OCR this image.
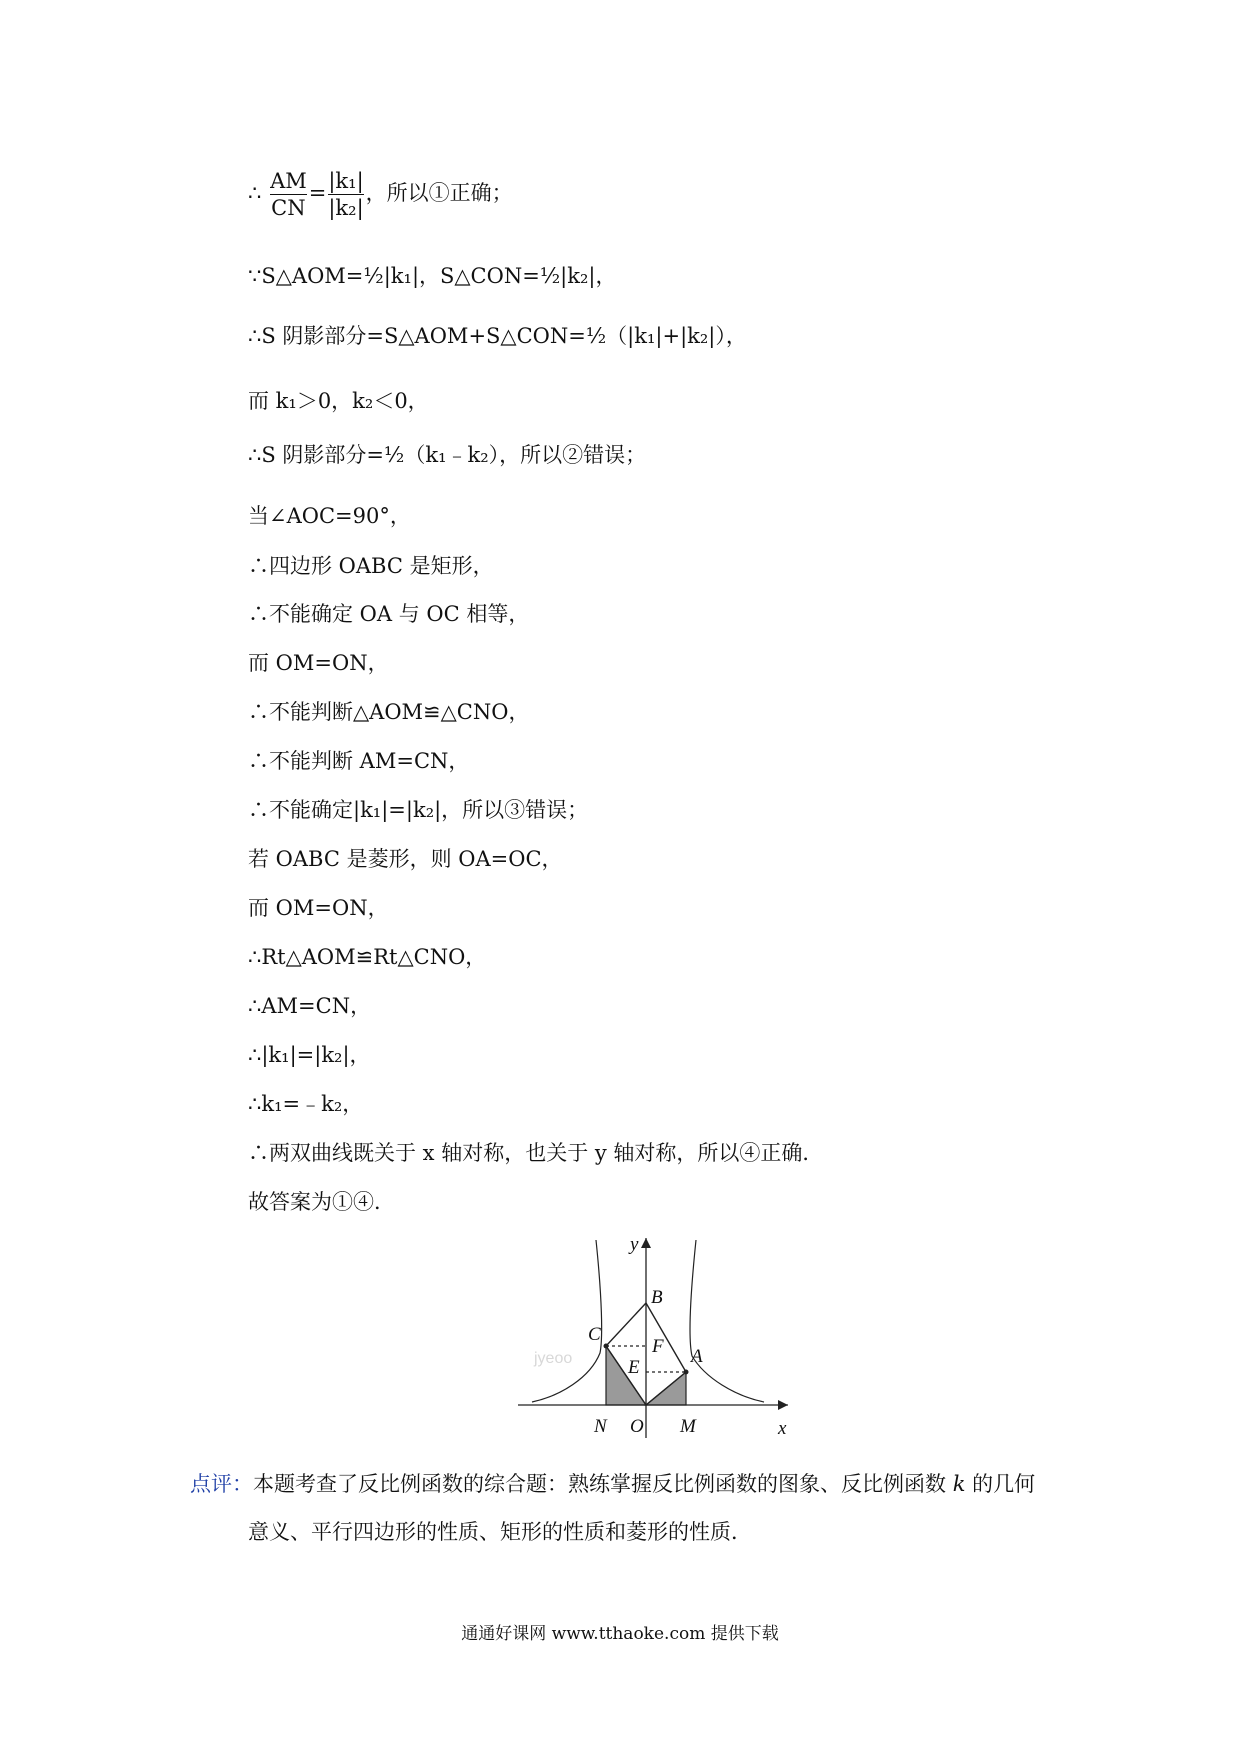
∴ $\frac{AM}{CN} = \frac{\text{|k₁|}}{\text{|k₂|}}$ ，所以①正确；
∵S△AOM=½|k₁|，S△CON=½|k₂|，
∴S 阴影部分=S△AOM+S△CON=½（|k₁|+|k₂|），
而 k₁＞0，k₂＜0，
∴S 阴影部分=½（k₁﹣k₂），所以②错误；
当∠AOC=90°，
∴四边形 OABC 是矩形，
∴不能确定 OA 与 OC 相等，
而 OM=ON，
∴不能判断△AOM≌△CNO，
∴不能判断 AM=CN，
∴不能确定|k₁|=|k₂|，所以③错误；
若 OABC 是菱形，则 OA=OC，
而 OM=ON，
∴Rt△AOM≌Rt△CNO，
∴AM=CN，
∴|k₁|=|k₂|，
∴k₁=﹣k₂，
∴两双曲线既关于 x 轴对称，也关于 y 轴对称，所以④正确．
故答案为①④．
jyeoo
y
x
B
C
F
E
A
N O M
点评：本题考查了反比例函数的综合题：熟练掌握反比例函数的图象、反比例函数 k 的几何
意义、平行四边形的性质、矩形的性质和菱形的性质．
通通好课网 www.tthaoke.com 提供下载
